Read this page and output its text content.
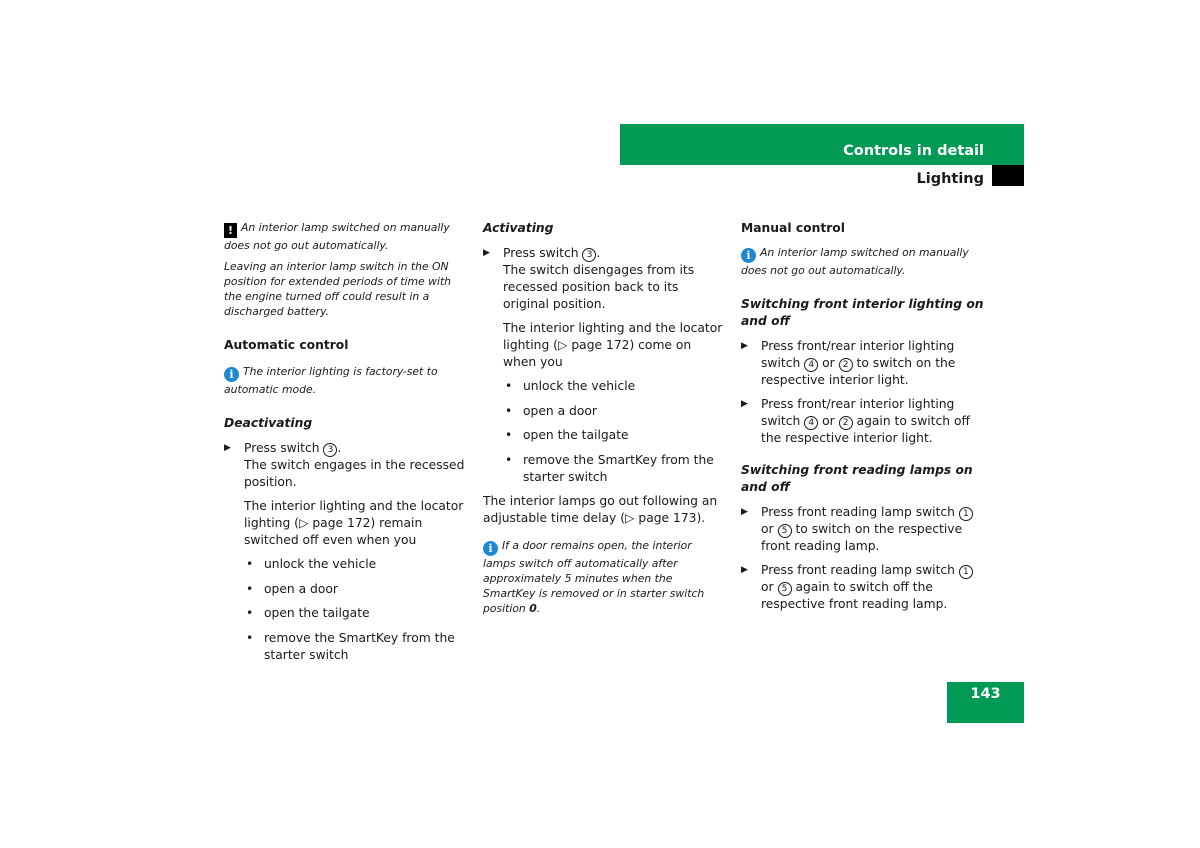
Controls in detail
Lighting

! An interior lamp switched on manually does not go out automatically.

Leaving an interior lamp switch in the ON position for extended periods of time with the engine turned off could result in a discharged battery.

Automatic control

i The interior lighting is factory-set to automatic mode.

Deactivating

▶ Press switch 3 .
The switch engages in the recessed position.

The interior lighting and the locator lighting (▷ page 172) remain switched off even when you

• unlock the vehicle
• open a door
• open the tailgate
• remove the SmartKey from the starter switch

Activating

▶ Press switch 3 .
The switch disengages from its recessed position back to its original position.

The interior lighting and the locator lighting (▷ page 172) come on when you

• unlock the vehicle
• open a door
• open the tailgate
• remove the SmartKey from the starter switch

The interior lamps go out following an adjustable time delay (▷ page 173).

i If a door remains open, the interior lamps switch off automatically after approximately 5 minutes when the SmartKey is removed or in starter switch position 0.

Manual control

i An interior lamp switched on manually does not go out automatically.

Switching front interior lighting on and off

▶ Press front/rear interior lighting switch 4 or 2 to switch on the respective interior light.
▶ Press front/rear interior lighting switch 4 or 2 again to switch off the respective interior light.

Switching front reading lamps on and off

▶ Press front reading lamp switch 1
or 5 to switch on the respective front reading lamp.
▶ Press front reading lamp switch 1
or 5 again to switch off the respective front reading lamp.
143
